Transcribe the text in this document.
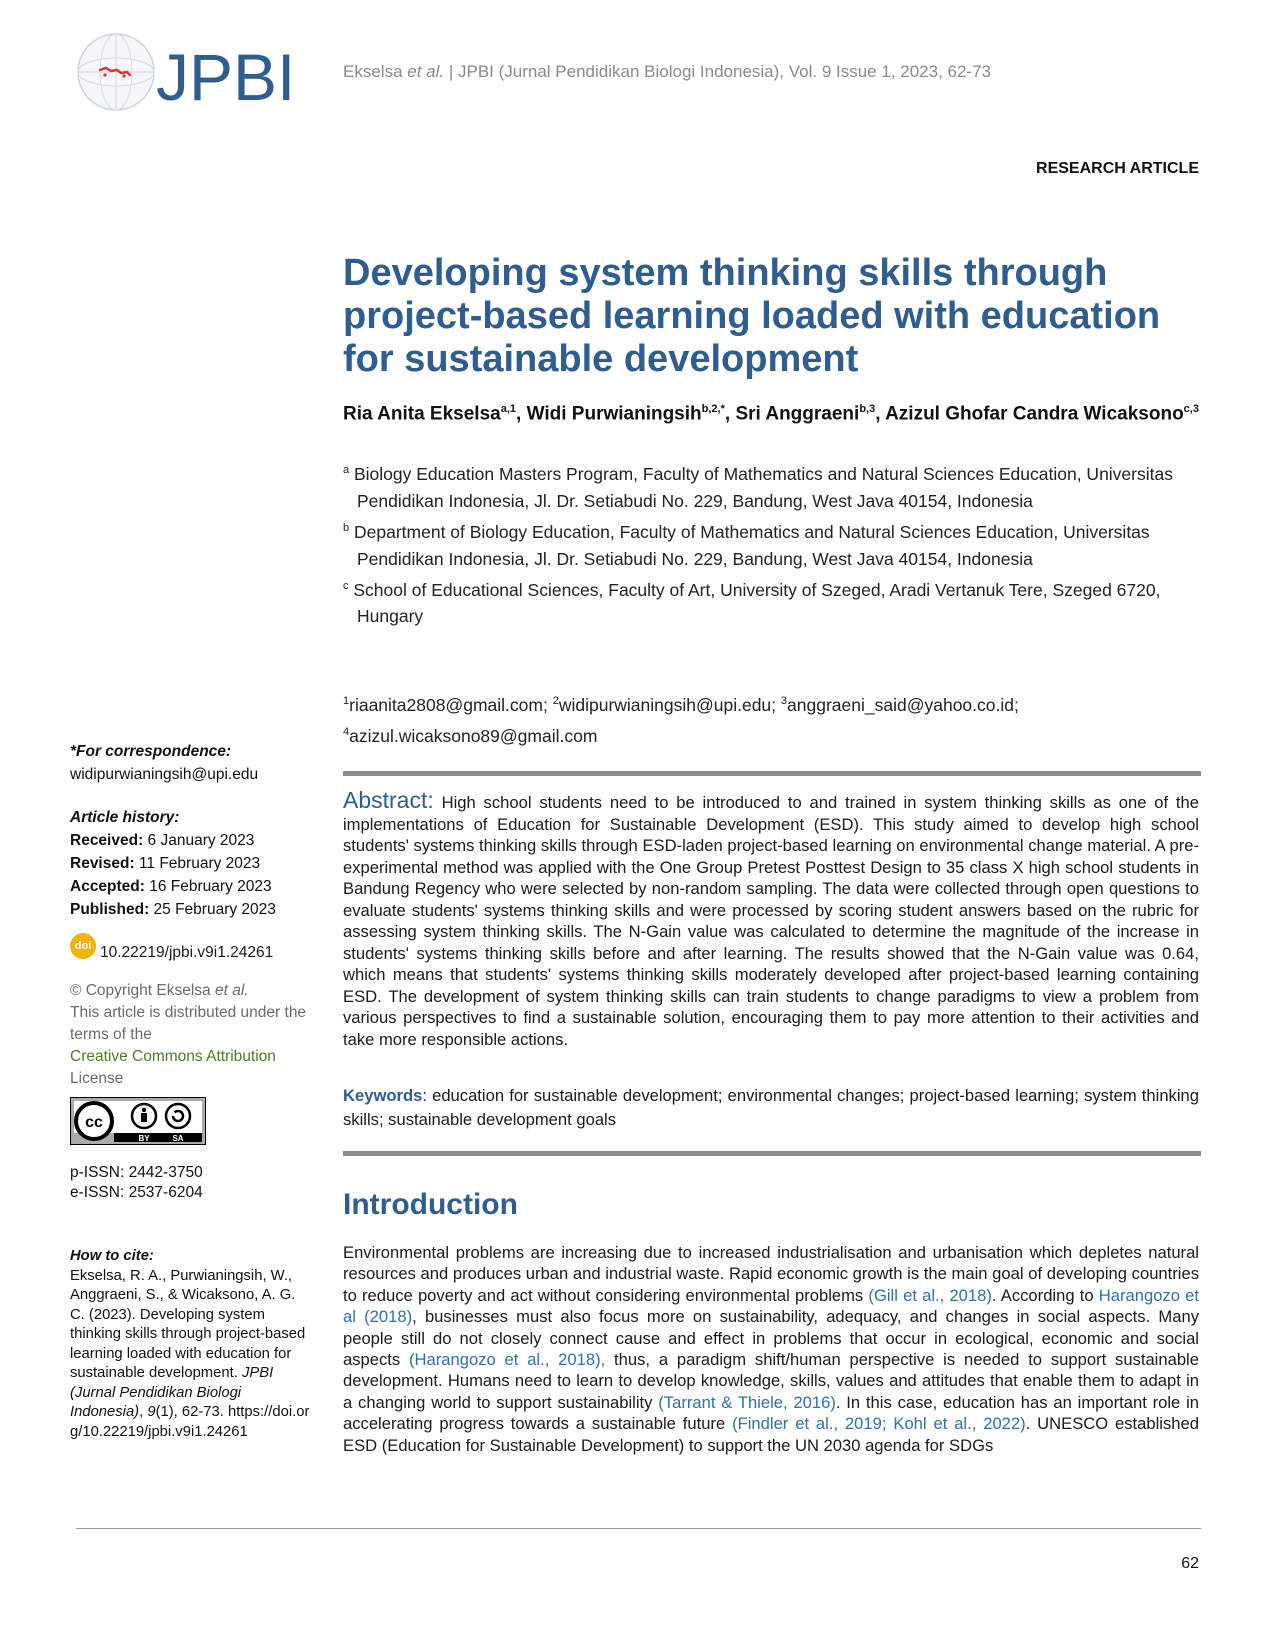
JPBI	Ekselsa et al. | JPBI (Jurnal Pendidikan Biologi Indonesia), Vol. 9 Issue 1, 2023, 62-73
RESEARCH ARTICLE
Developing system thinking skills through project-based learning loaded with education for sustainable development
Ria Anita Ekselsa$^{a,1}$, Widi Purwianingsih$^{b,2,*}$, Sri Anggraeni$^{b,3}$, Azizul Ghofar Candra Wicaksono$^{c,3}$
$^a$ Biology Education Masters Program, Faculty of Mathematics and Natural Sciences Education, Universitas Pendidikan Indonesia, Jl. Dr. Setiabudi No. 229, Bandung, West Java 40154, Indonesia
$^b$ Department of Biology Education, Faculty of Mathematics and Natural Sciences Education, Universitas Pendidikan Indonesia, Jl. Dr. Setiabudi No. 229, Bandung, West Java 40154, Indonesia
$^c$ School of Educational Sciences, Faculty of Art, University of Szeged, Aradi Vertanuk Tere, Szeged 6720, Hungary
$^1$riaanita2808@gmail.com; $^2$widipurwianingsih@upi.edu; $^3$anggraeni_said@yahoo.co.id;
$^4$azizul.wicaksono89@gmail.com
Abstract: High school students need to be introduced to and trained in system thinking skills as one of the implementations of Education for Sustainable Development (ESD). This study aimed to develop high school students' systems thinking skills through ESD-laden project-based learning on environmental change material. A pre-experimental method was applied with the One Group Pretest Posttest Design to 35 class X high school students in Bandung Regency who were selected by non-random sampling. The data were collected through open questions to evaluate students' systems thinking skills and were processed by scoring student answers based on the rubric for assessing system thinking skills. The N-Gain value was calculated to determine the magnitude of the increase in students' systems thinking skills before and after learning. The results showed that the N-Gain value was 0.64, which means that students' systems thinking skills moderately developed after project-based learning containing ESD. The development of system thinking skills can train students to change paradigms to view a problem from various perspectives to find a sustainable solution, encouraging them to pay more attention to their activities and take more responsible actions.
Keywords: education for sustainable development; environmental changes; project-based learning; system thinking skills; sustainable development goals
Introduction
Environmental problems are increasing due to increased industrialisation and urbanisation which depletes natural resources and produces urban and industrial waste. Rapid economic growth is the main goal of developing countries to reduce poverty and act without considering environmental problems (Gill et al., 2018). According to Harangozo et al (2018), businesses must also focus more on sustainability, adequacy, and changes in social aspects. Many people still do not closely connect cause and effect in problems that occur in ecological, economic and social aspects (Harangozo et al., 2018), thus, a paradigm shift/human perspective is needed to support sustainable development. Humans need to learn to develop knowledge, skills, values and attitudes that enable them to adapt in a changing world to support sustainability (Tarrant & Thiele, 2016). In this case, education has an important role in accelerating progress towards a sustainable future (Findler et al., 2019; Kohl et al., 2022). UNESCO established ESD (Education for Sustainable Development) to support the UN 2030 agenda for SDGs
*For correspondence:
widipurwianingsih@upi.edu
Article history:
Received: 6 January 2023
Revised: 11 February 2023
Accepted: 16 February 2023
Published: 25 February 2023
doi 10.22219/jpbi.v9i1.24261
© Copyright Ekselsa et al.
This article is distributed under the terms of the
Creative Commons Attribution
License
cc
BY	SA
p-ISSN: 2442-3750
e-ISSN: 2537-6204
How to cite:
Ekselsa, R. A., Purwianingsih, W., Anggraeni, S., & Wicaksono, A. G. C. (2023). Developing system thinking skills through project-based learning loaded with education for sustainable development. JPBI (Jurnal Pendidikan Biologi Indonesia), 9(1), 62-73. https://doi.org/10.22219/jpbi.v9i1.24261
62
